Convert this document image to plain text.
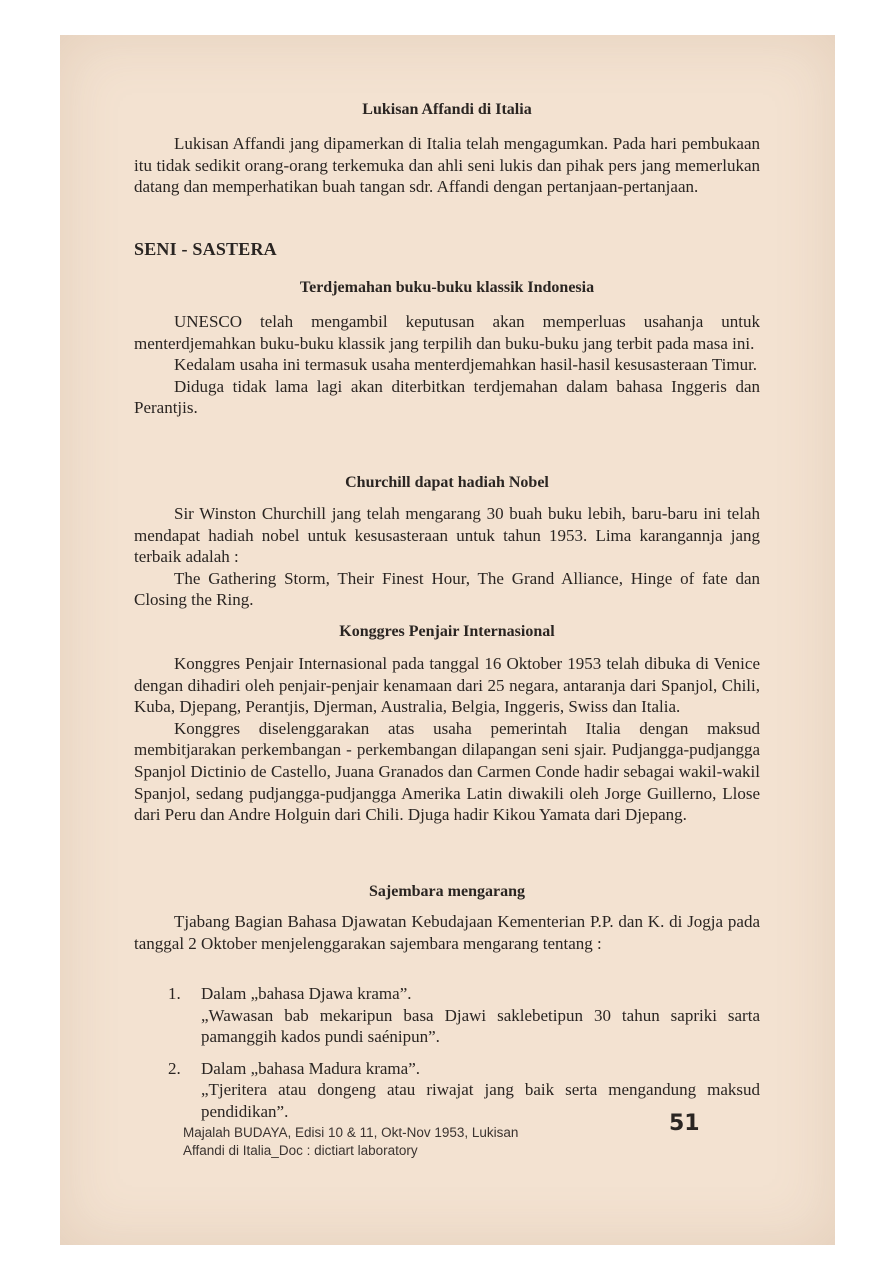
Lukisan Affandi di Italia

Lukisan Affandi jang dipamerkan di Italia telah mengagumkan. Pada hari pembukaan itu tidak sedikit orang-orang terkemuka dan ahli seni lukis dan pihak pers jang memerlukan datang dan memperhatikan buah tangan sdr. Affandi dengan pertanjaan-pertanjaan.

SENI - SASTERA
Terdjemahan buku-buku klassik Indonesia

UNESCO telah mengambil keputusan akan memperluas usahanja untuk menterdjemahkan buku-buku klassik jang terpilih dan buku-buku jang terbit pada masa ini.

Kedalam usaha ini termasuk usaha menterdjemahkan hasil-hasil kesusasteraan Timur.

Diduga tidak lama lagi akan diterbitkan terdjemahan dalam bahasa Inggeris dan Perantjis.

Churchill dapat hadiah Nobel

Sir Winston Churchill jang telah mengarang 30 buah buku lebih, baru-baru ini telah mendapat hadiah nobel untuk kesusasteraan untuk tahun 1953. Lima karangannja jang terbaik adalah :

The Gathering Storm, Their Finest Hour, The Grand Alliance, Hinge of fate dan Closing the Ring.

Konggres Penjair Internasional

Konggres Penjair Internasional pada tanggal 16 Oktober 1953 telah dibuka di Venice dengan dihadiri oleh penjair-penjair kenamaan dari 25 negara, antaranja dari Spanjol, Chili, Kuba, Djepang, Perantjis, Djerman, Australia, Belgia, Inggeris, Swiss dan Italia.

Konggres diselenggarakan atas usaha pemerintah Italia dengan maksud membitjarakan perkembangan - perkembangan dilapangan seni sjair. Pudjangga-pudjangga Spanjol Dictinio de Castello, Juana Granados dan Carmen Conde hadir sebagai wakil-wakil Spanjol, sedang pudjangga-pudjangga Amerika Latin diwakili oleh Jorge Guillerno, Llose dari Peru dan Andre Holguin dari Chili. Djuga hadir Kikou Yamata dari Djepang.

Sajembara mengarang

Tjabang Bagian Bahasa Djawatan Kebudajaan Kementerian P.P. dan K. di Jogja pada tanggal 2 Oktober menjelenggarakan sajembara mengarang tentang :

1. Dalam „bahasa Djawa krama”.
„Wawasan bab mekaripun basa Djawi saklebetipun 30 tahun sapriki sarta pamanggih kados pundi saénipun”.
2. Dalam „bahasa Madura krama”.
„Tjeritera atau dongeng atau riwajat jang baik serta mengandung maksud pendidikan”.	51
Majalah BUDAYA, Edisi 10 & 11, Okt-Nov 1953, Lukisan
Affandi di Italia_Doc : dictiart laboratory
